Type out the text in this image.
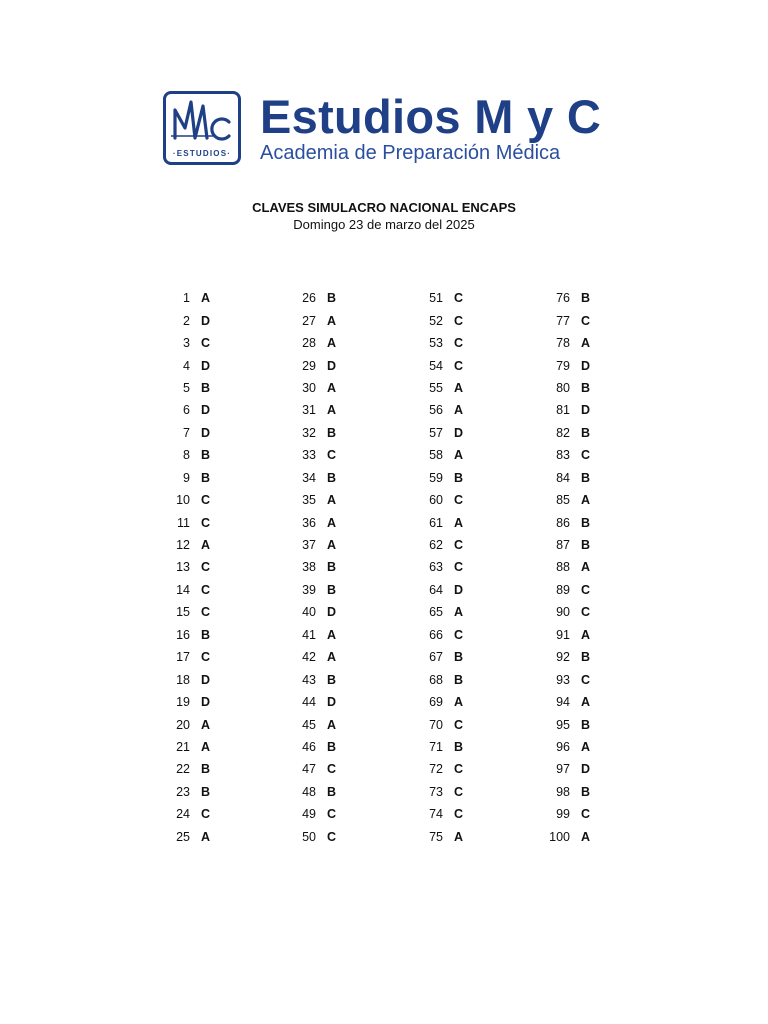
·ESTUDIOS·
Estudios M y C
Academia de Preparación Médica
CLAVES SIMULACRO NACIONAL ENCAPS
Domingo 23 de marzo del 2025
1 A
2 D
3 C
4 D
5 B
6 D
7 D
8 B
9 B
10 C
11 C
12 A
13 C
14 C
15 C
16 B
17 C
18 D
19 D
20 A
21 A
22 B
23 B
24 C
25 A
26 B
27 A
28 A
29 D
30 A
31 A
32 B
33 C
34 B
35 A
36 A
37 A
38 B
39 B
40 D
41 A
42 A
43 B
44 D
45 A
46 B
47 C
48 B
49 C
50 C
51 C
52 C
53 C
54 C
55 A
56 A
57 D
58 A
59 B
60 C
61 A
62 C
63 C
64 D
65 A
66 C
67 B
68 B
69 A
70 C
71 B
72 C
73 C
74 C
75 A
76 B
77 C
78 A
79 D
80 B
81 D
82 B
83 C
84 B
85 A
86 B
87 B
88 A
89 C
90 C
91 A
92 B
93 C
94 A
95 B
96 A
97 D
98 B
99 C
100 A
